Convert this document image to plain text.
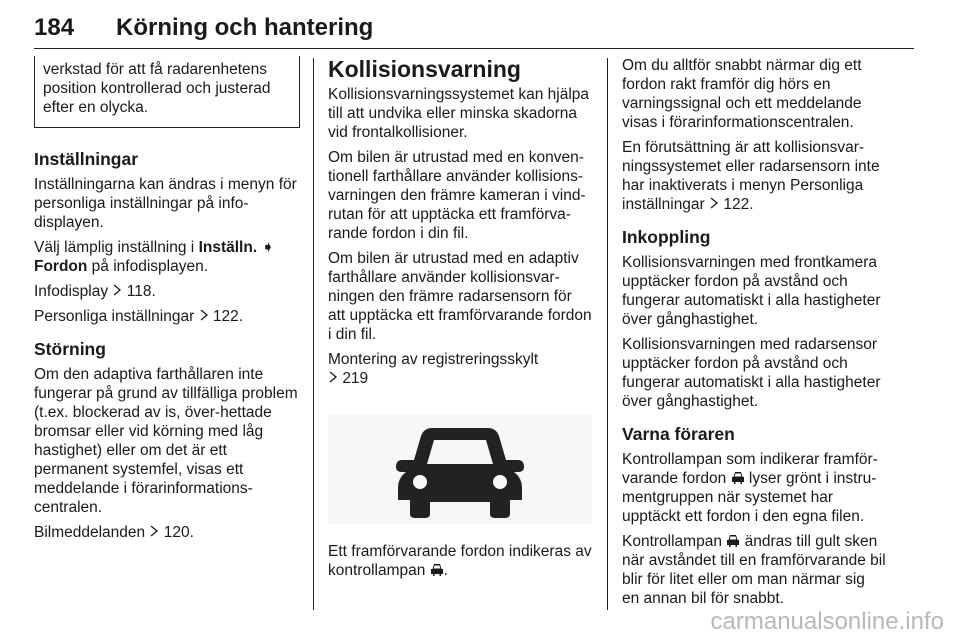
184 Körning och hantering
verkstad för att få radarenhetens position kontrollerad och justerad efter en olycka.
Inställningar

Inställningarna kan ändras i menyn för personliga inställningar på info-displayen.

Välj lämplig inställning i Inställn. ➧
Fordon på infodisplayen.

Infodisplay 118.

Personliga inställningar 122.

Störning

Om den adaptiva farthållaren inte fungerar på grund av tillfälliga problem (t.ex. blockerad av is, över-hettade bromsar eller vid körning med låg hastighet) eller om det är ett permanent systemfel, visas ett meddelande i förarinformations-centralen.

Bilmeddelanden 120.

Kollisionsvarning

Kollisionsvarningssystemet kan hjälpa till att undvika eller minska skadorna vid frontalkollisioner.

Om bilen är utrustad med en konven-tionell farthållare använder kollisions-varningen den främre kameran i vind-rutan för att upptäcka ett framförva-rande fordon i din fil.

Om bilen är utrustad med en adaptiv farthållare använder kollisionsvar-ningen den främre radarsensorn för att upptäcka ett framförvarande fordon i din fil.

Montering av registreringsskylt
219

Ett framförvarande fordon indikeras av kontrollampan .

Om du alltför snabbt närmar dig ett fordon rakt framför dig hörs en varningssignal och ett meddelande visas i förarinformationscentralen.

En förutsättning är att kollisionsvar-ningssystemet eller radarsensorn inte har inaktiverats i menyn Personliga inställningar 122.

Inkoppling

Kollisionsvarningen med frontkamera upptäcker fordon på avstånd och fungerar automatiskt i alla hastigheter över gånghastighet.

Kollisionsvarningen med radarsensor upptäcker fordon på avstånd och fungerar automatiskt i alla hastigheter över gånghastighet.

Varna föraren

Kontrollampan som indikerar framför-varande fordon lyser grönt i instru-mentgruppen när systemet har upptäckt ett fordon i den egna filen.

Kontrollampan ändras till gult sken när avståndet till en framförvarande bil blir för litet eller om man närmar sig en annan bil för snabbt.

carmanualsonline.info
